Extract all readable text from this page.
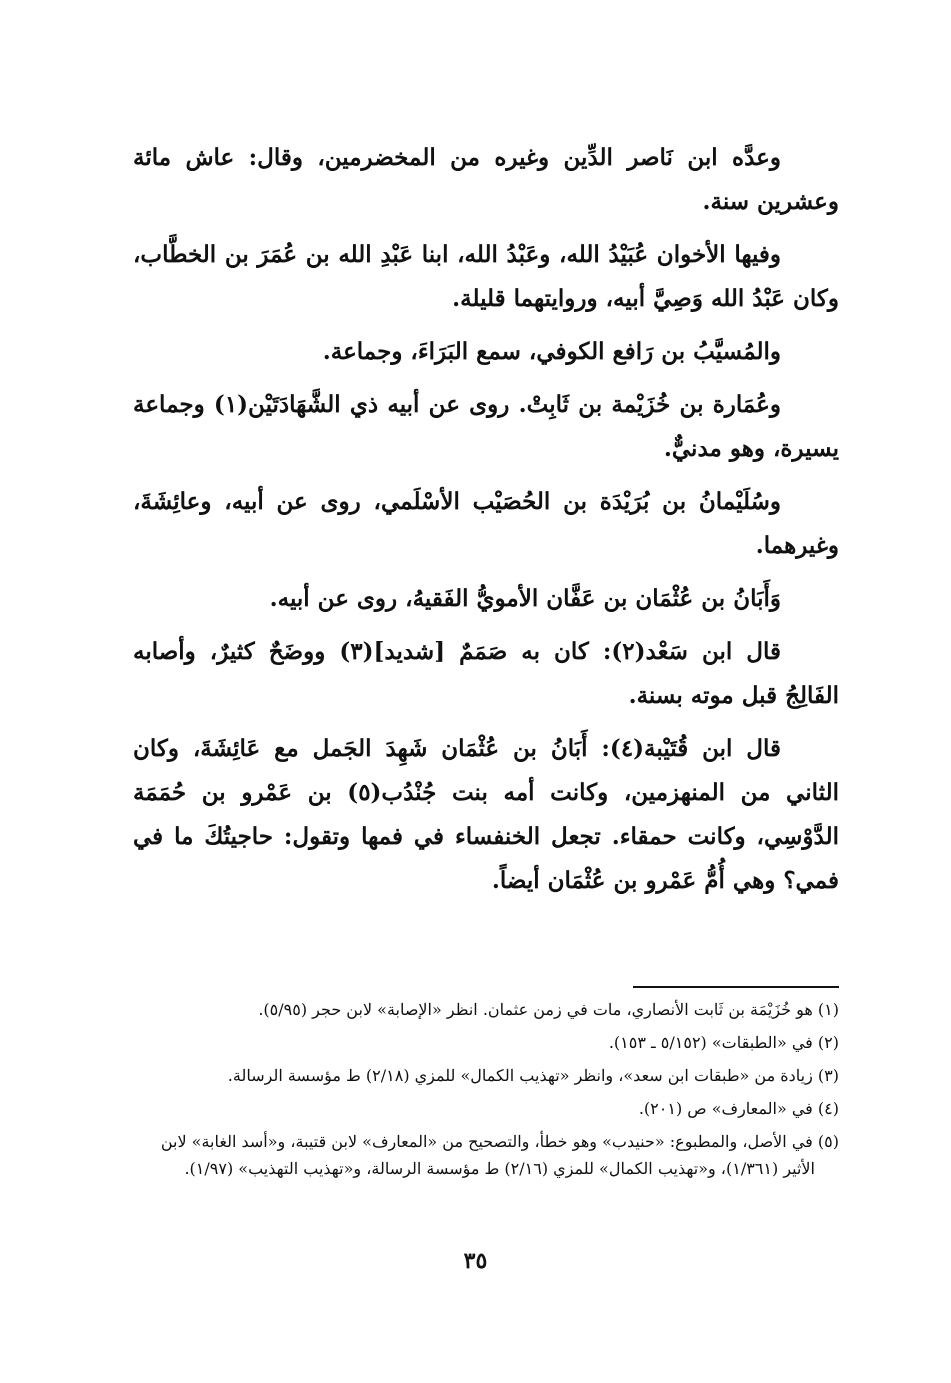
وعدَّه ابن نَاصر الدِّين وغيره من المخضرمين، وقال: عاش مائة وعشرين سنة.

وفيها الأخوان عُبَيْدُ الله، وعَبْدُ الله، ابنا عَبْدِ الله بن عُمَرَ بن الخطَّاب، وكان عَبْدُ الله وَصِيَّ أبيه، وروايتهما قليلة.

والمُسيَّبُ بن رَافع الكوفي، سمع البَرَاءَ، وجماعة.

وعُمَارة بن خُزَيْمة بن ثَابِتْ. روى عن أبيه ذي الشَّهَادَتَيْن(١) وجماعة يسيرة، وهو مدنيٌّ.

وسُلَيْمانُ بن بُرَيْدَة بن الحُصَيْب الأسْلَمي، روى عن أبيه، وعائِشَةَ، وغيرهما.

وَأَبَانُ بن عُثْمَان بن عَفَّان الأمويُّ الفَقيهُ، روى عن أبيه.

قال ابن سَعْد(٢): كان به صَمَمٌ [شديد](٣) ووضَحٌ كثيرٌ، وأصابه الفَالِجُ قبل موته بسنة.

قال ابن قُتَيْبة(٤): أَبَانُ بن عُثْمَان شَهِدَ الجَمل مع عَائِشَةَ، وكان الثاني من المنهزمين، وكانت أمه بنت جُنْدُب(٥) بن عَمْرو بن حُمَمَة الدَّوْسِي، وكانت حمقاء. تجعل الخنفساء في فمها وتقول: حاجيتُكَ ما في فمي؟ وهي أُمُّ عَمْرو بن عُثْمَان أيضاً.

(١) هو خُزَيْمَة بن ثَابت الأنصاري، مات في زمن عثمان. انظر «الإصابة» لابن حجر (٥/٩٥).

(٢) في «الطبقات» (٥/١٥٢ ـ ١٥٣).

(٣) زيادة من «طبقات ابن سعد»، وانظر «تهذيب الكمال» للمزي (٢/١٨) ط مؤسسة الرسالة.

(٤) في «المعارف» ص (٢٠١).

(٥) في الأصل، والمطبوع: «حنيدب» وهو خطأ، والتصحيح من «المعارف» لابن قتيبة، و«أسد الغابة» لابن الأثير (١/٣٦١)، و«تهذيب الكمال» للمزي (٢/١٦) ط مؤسسة الرسالة، و«تهذيب التهذيب» (١/٩٧).

٣٥
